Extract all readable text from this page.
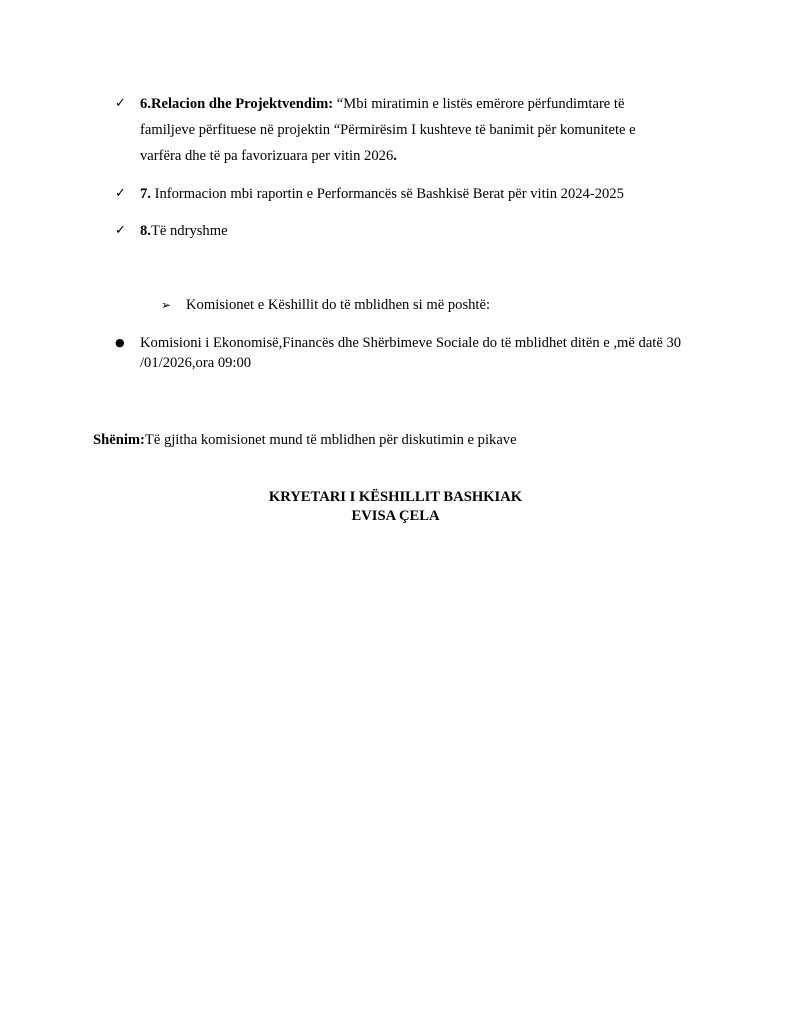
✓ 6.Relacion dhe Projektvendim: “Mbi miratimin e listës emërore përfundimtare të familjeve përfituese në projektin “Përmirësim I kushteve të banimit për komunitete e varfëra dhe të pa favorizuara per vitin 2026.
✓ 7. Informacion mbi raportin e Performancës së Bashkisë Berat për vitin 2024-2025
✓ 8.Të ndryshme
➢ Komisionet e Këshillit do të mblidhen si më poshtë:
● Komisioni i Ekonomisë,Financës dhe Shërbimeve Sociale do të mblidhet ditën e ,më datë 30 /01/2026,ora 09:00
Shënim:Të gjitha komisionet mund të mblidhen për diskutimin e pikave
KRYETARI I KËSHILLIT BASHKIAK
EVISA ÇELA
